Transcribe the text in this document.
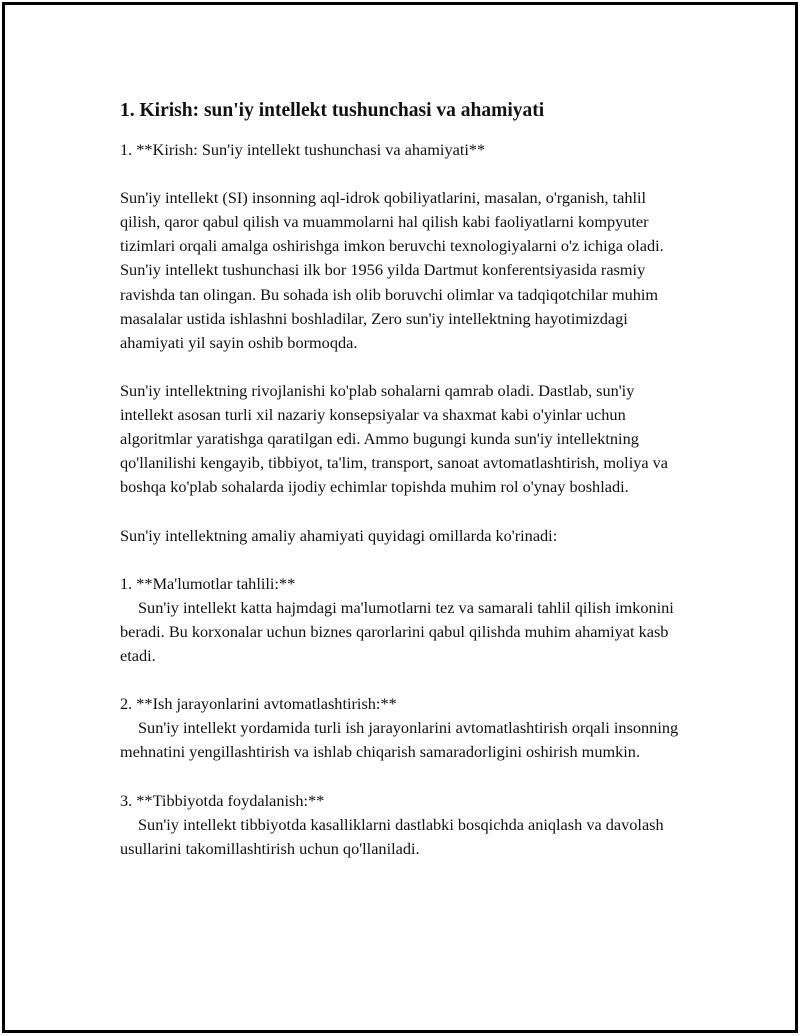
1. Kirish: sun'iy intellekt tushunchasi va ahamiyati

1. **Kirish: Sun'iy intellekt tushunchasi va ahamiyati**

Sun'iy intellekt (SI) insonning aql-idrok qobiliyatlarini, masalan, o'rganish, tahlil qilish, qaror qabul qilish va muammolarni hal qilish kabi faoliyatlarni kompyuter tizimlari orqali amalga oshirishga imkon beruvchi texnologiyalarni o'z ichiga oladi. Sun'iy intellekt tushunchasi ilk bor 1956 yilda Dartmut konferentsiyasida rasmiy ravishda tan olingan. Bu sohada ish olib boruvchi olimlar va tadqiqotchilar muhim masalalar ustida ishlashni boshladilar, Zero sun'iy intellektning hayotimizdagi ahamiyati yil sayin oshib bormoqda.

Sun'iy intellektning rivojlanishi ko'plab sohalarni qamrab oladi. Dastlab, sun'iy intellekt asosan turli xil nazariy konsepsiyalar va shaxmat kabi o'yinlar uchun algoritmlar yaratishga qaratilgan edi. Ammo bugungi kunda sun'iy intellektning qo'llanilishi kengayib, tibbiyot, ta'lim, transport, sanoat avtomatlashtirish, moliya va boshqa ko'plab sohalarda ijodiy echimlar topishda muhim rol o'ynay boshladi.

Sun'iy intellektning amaliy ahamiyati quyidagi omillarda ko'rinadi:

1. **Ma'lumotlar tahlili:**

Sun'iy intellekt katta hajmdagi ma'lumotlarni tez va samarali tahlil qilish imkonini beradi. Bu korxonalar uchun biznes qarorlarini qabul qilishda muhim ahamiyat kasb etadi.

2. **Ish jarayonlarini avtomatlashtirish:**

Sun'iy intellekt yordamida turli ish jarayonlarini avtomatlashtirish orqali insonning mehnatini yengillashtirish va ishlab chiqarish samaradorligini oshirish mumkin.

3. **Tibbiyotda foydalanish:**

Sun'iy intellekt tibbiyotda kasalliklarni dastlabki bosqichda aniqlash va davolash usullarini takomillashtirish uchun qo'llaniladi.
